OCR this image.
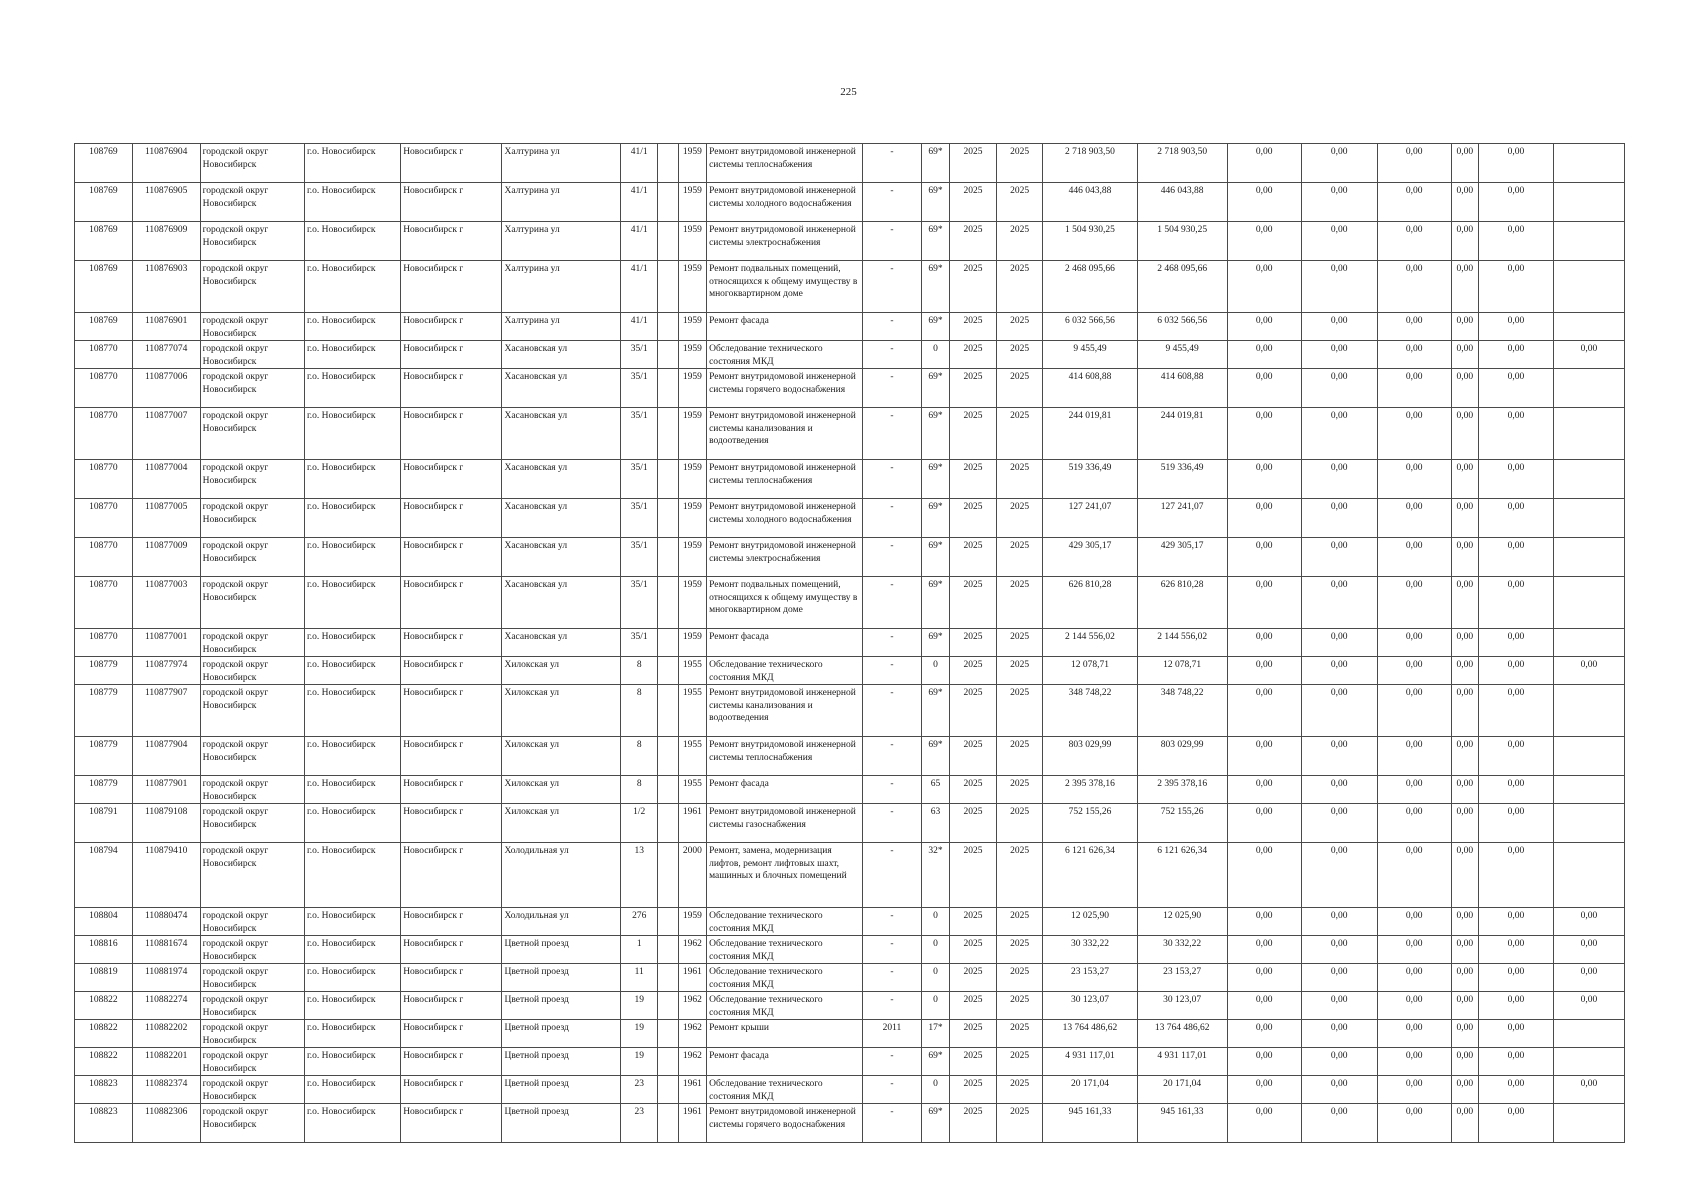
225
108769	110876904	городской округ Новосибирск	г.о. Новосибирск	Новосибирск г	Халтурина ул	41/1		1959	Ремонт внутридомовой инженерной системы теплоснабжения	-	69*	2025	2025	2 718 903,50	2 718 903,50	0,00	0,00	0,00	0,00	0,00	
108769	110876905	городской округ Новосибирск	г.о. Новосибирск	Новосибирск г	Халтурина ул	41/1		1959	Ремонт внутридомовой инженерной системы холодного водоснабжения	-	69*	2025	2025	446 043,88	446 043,88	0,00	0,00	0,00	0,00	0,00	
108769	110876909	городской округ Новосибирск	г.о. Новосибирск	Новосибирск г	Халтурина ул	41/1		1959	Ремонт внутридомовой инженерной системы электроснабжения	-	69*	2025	2025	1 504 930,25	1 504 930,25	0,00	0,00	0,00	0,00	0,00	
108769	110876903	городской округ Новосибирск	г.о. Новосибирск	Новосибирск г	Халтурина ул	41/1		1959	Ремонт подвальных помещений, относящихся к общему имуществу в многоквартирном доме	-	69*	2025	2025	2 468 095,66	2 468 095,66	0,00	0,00	0,00	0,00	0,00	
108769	110876901	городской округ Новосибирск	г.о. Новосибирск	Новосибирск г	Халтурина ул	41/1		1959	Ремонт фасада	-	69*	2025	2025	6 032 566,56	6 032 566,56	0,00	0,00	0,00	0,00	0,00	
108770	110877074	городской округ Новосибирск	г.о. Новосибирск	Новосибирск г	Хасановская ул	35/1		1959	Обследование технического состояния МКД	-	0	2025	2025	9 455,49	9 455,49	0,00	0,00	0,00	0,00	0,00	0,00
108770	110877006	городской округ Новосибирск	г.о. Новосибирск	Новосибирск г	Хасановская ул	35/1		1959	Ремонт внутридомовой инженерной системы горячего водоснабжения	-	69*	2025	2025	414 608,88	414 608,88	0,00	0,00	0,00	0,00	0,00	
108770	110877007	городской округ Новосибирск	г.о. Новосибирск	Новосибирск г	Хасановская ул	35/1		1959	Ремонт внутридомовой инженерной системы канализования и водоотведения	-	69*	2025	2025	244 019,81	244 019,81	0,00	0,00	0,00	0,00	0,00	
108770	110877004	городской округ Новосибирск	г.о. Новосибирск	Новосибирск г	Хасановская ул	35/1		1959	Ремонт внутридомовой инженерной системы теплоснабжения	-	69*	2025	2025	519 336,49	519 336,49	0,00	0,00	0,00	0,00	0,00	
108770	110877005	городской округ Новосибирск	г.о. Новосибирск	Новосибирск г	Хасановская ул	35/1		1959	Ремонт внутридомовой инженерной системы холодного водоснабжения	-	69*	2025	2025	127 241,07	127 241,07	0,00	0,00	0,00	0,00	0,00	
108770	110877009	городской округ Новосибирск	г.о. Новосибирск	Новосибирск г	Хасановская ул	35/1		1959	Ремонт внутридомовой инженерной системы электроснабжения	-	69*	2025	2025	429 305,17	429 305,17	0,00	0,00	0,00	0,00	0,00	
108770	110877003	городской округ Новосибирск	г.о. Новосибирск	Новосибирск г	Хасановская ул	35/1		1959	Ремонт подвальных помещений, относящихся к общему имуществу в многоквартирном доме	-	69*	2025	2025	626 810,28	626 810,28	0,00	0,00	0,00	0,00	0,00	
108770	110877001	городской округ Новосибирск	г.о. Новосибирск	Новосибирск г	Хасановская ул	35/1		1959	Ремонт фасада	-	69*	2025	2025	2 144 556,02	2 144 556,02	0,00	0,00	0,00	0,00	0,00	
108779	110877974	городской округ Новосибирск	г.о. Новосибирск	Новосибирск г	Хилокская ул	8		1955	Обследование технического состояния МКД	-	0	2025	2025	12 078,71	12 078,71	0,00	0,00	0,00	0,00	0,00	0,00
108779	110877907	городской округ Новосибирск	г.о. Новосибирск	Новосибирск г	Хилокская ул	8		1955	Ремонт внутридомовой инженерной системы канализования и водоотведения	-	69*	2025	2025	348 748,22	348 748,22	0,00	0,00	0,00	0,00	0,00	
108779	110877904	городской округ Новосибирск	г.о. Новосибирск	Новосибирск г	Хилокская ул	8		1955	Ремонт внутридомовой инженерной системы теплоснабжения	-	69*	2025	2025	803 029,99	803 029,99	0,00	0,00	0,00	0,00	0,00	
108779	110877901	городской округ Новосибирск	г.о. Новосибирск	Новосибирск г	Хилокская ул	8		1955	Ремонт фасада	-	65	2025	2025	2 395 378,16	2 395 378,16	0,00	0,00	0,00	0,00	0,00	
108791	110879108	городской округ Новосибирск	г.о. Новосибирск	Новосибирск г	Хилокская ул	1/2		1961	Ремонт внутридомовой инженерной системы газоснабжения	-	63	2025	2025	752 155,26	752 155,26	0,00	0,00	0,00	0,00	0,00	
108794	110879410	городской округ Новосибирск	г.о. Новосибирск	Новосибирск г	Холодильная ул	13		2000	Ремонт, замена, модернизация лифтов, ремонт лифтовых шахт, машинных и блочных помещений	-	32*	2025	2025	6 121 626,34	6 121 626,34	0,00	0,00	0,00	0,00	0,00	
108804	110880474	городской округ Новосибирск	г.о. Новосибирск	Новосибирск г	Холодильная ул	276		1959	Обследование технического состояния МКД	-	0	2025	2025	12 025,90	12 025,90	0,00	0,00	0,00	0,00	0,00	0,00
108816	110881674	городской округ Новосибирск	г.о. Новосибирск	Новосибирск г	Цветной проезд	1		1962	Обследование технического состояния МКД	-	0	2025	2025	30 332,22	30 332,22	0,00	0,00	0,00	0,00	0,00	0,00
108819	110881974	городской округ Новосибирск	г.о. Новосибирск	Новосибирск г	Цветной проезд	11		1961	Обследование технического состояния МКД	-	0	2025	2025	23 153,27	23 153,27	0,00	0,00	0,00	0,00	0,00	0,00
108822	110882274	городской округ Новосибирск	г.о. Новосибирск	Новосибирск г	Цветной проезд	19		1962	Обследование технического состояния МКД	-	0	2025	2025	30 123,07	30 123,07	0,00	0,00	0,00	0,00	0,00	0,00
108822	110882202	городской округ Новосибирск	г.о. Новосибирск	Новосибирск г	Цветной проезд	19		1962	Ремонт крыши	2011	17*	2025	2025	13 764 486,62	13 764 486,62	0,00	0,00	0,00	0,00	0,00	
108822	110882201	городской округ Новосибирск	г.о. Новосибирск	Новосибирск г	Цветной проезд	19		1962	Ремонт фасада	-	69*	2025	2025	4 931 117,01	4 931 117,01	0,00	0,00	0,00	0,00	0,00	
108823	110882374	городской округ Новосибирск	г.о. Новосибирск	Новосибирск г	Цветной проезд	23		1961	Обследование технического состояния МКД	-	0	2025	2025	20 171,04	20 171,04	0,00	0,00	0,00	0,00	0,00	0,00
108823	110882306	городской округ Новосибирск	г.о. Новосибирск	Новосибирск г	Цветной проезд	23		1961	Ремонт внутридомовой инженерной системы горячего водоснабжения	-	69*	2025	2025	945 161,33	945 161,33	0,00	0,00	0,00	0,00	0,00	
